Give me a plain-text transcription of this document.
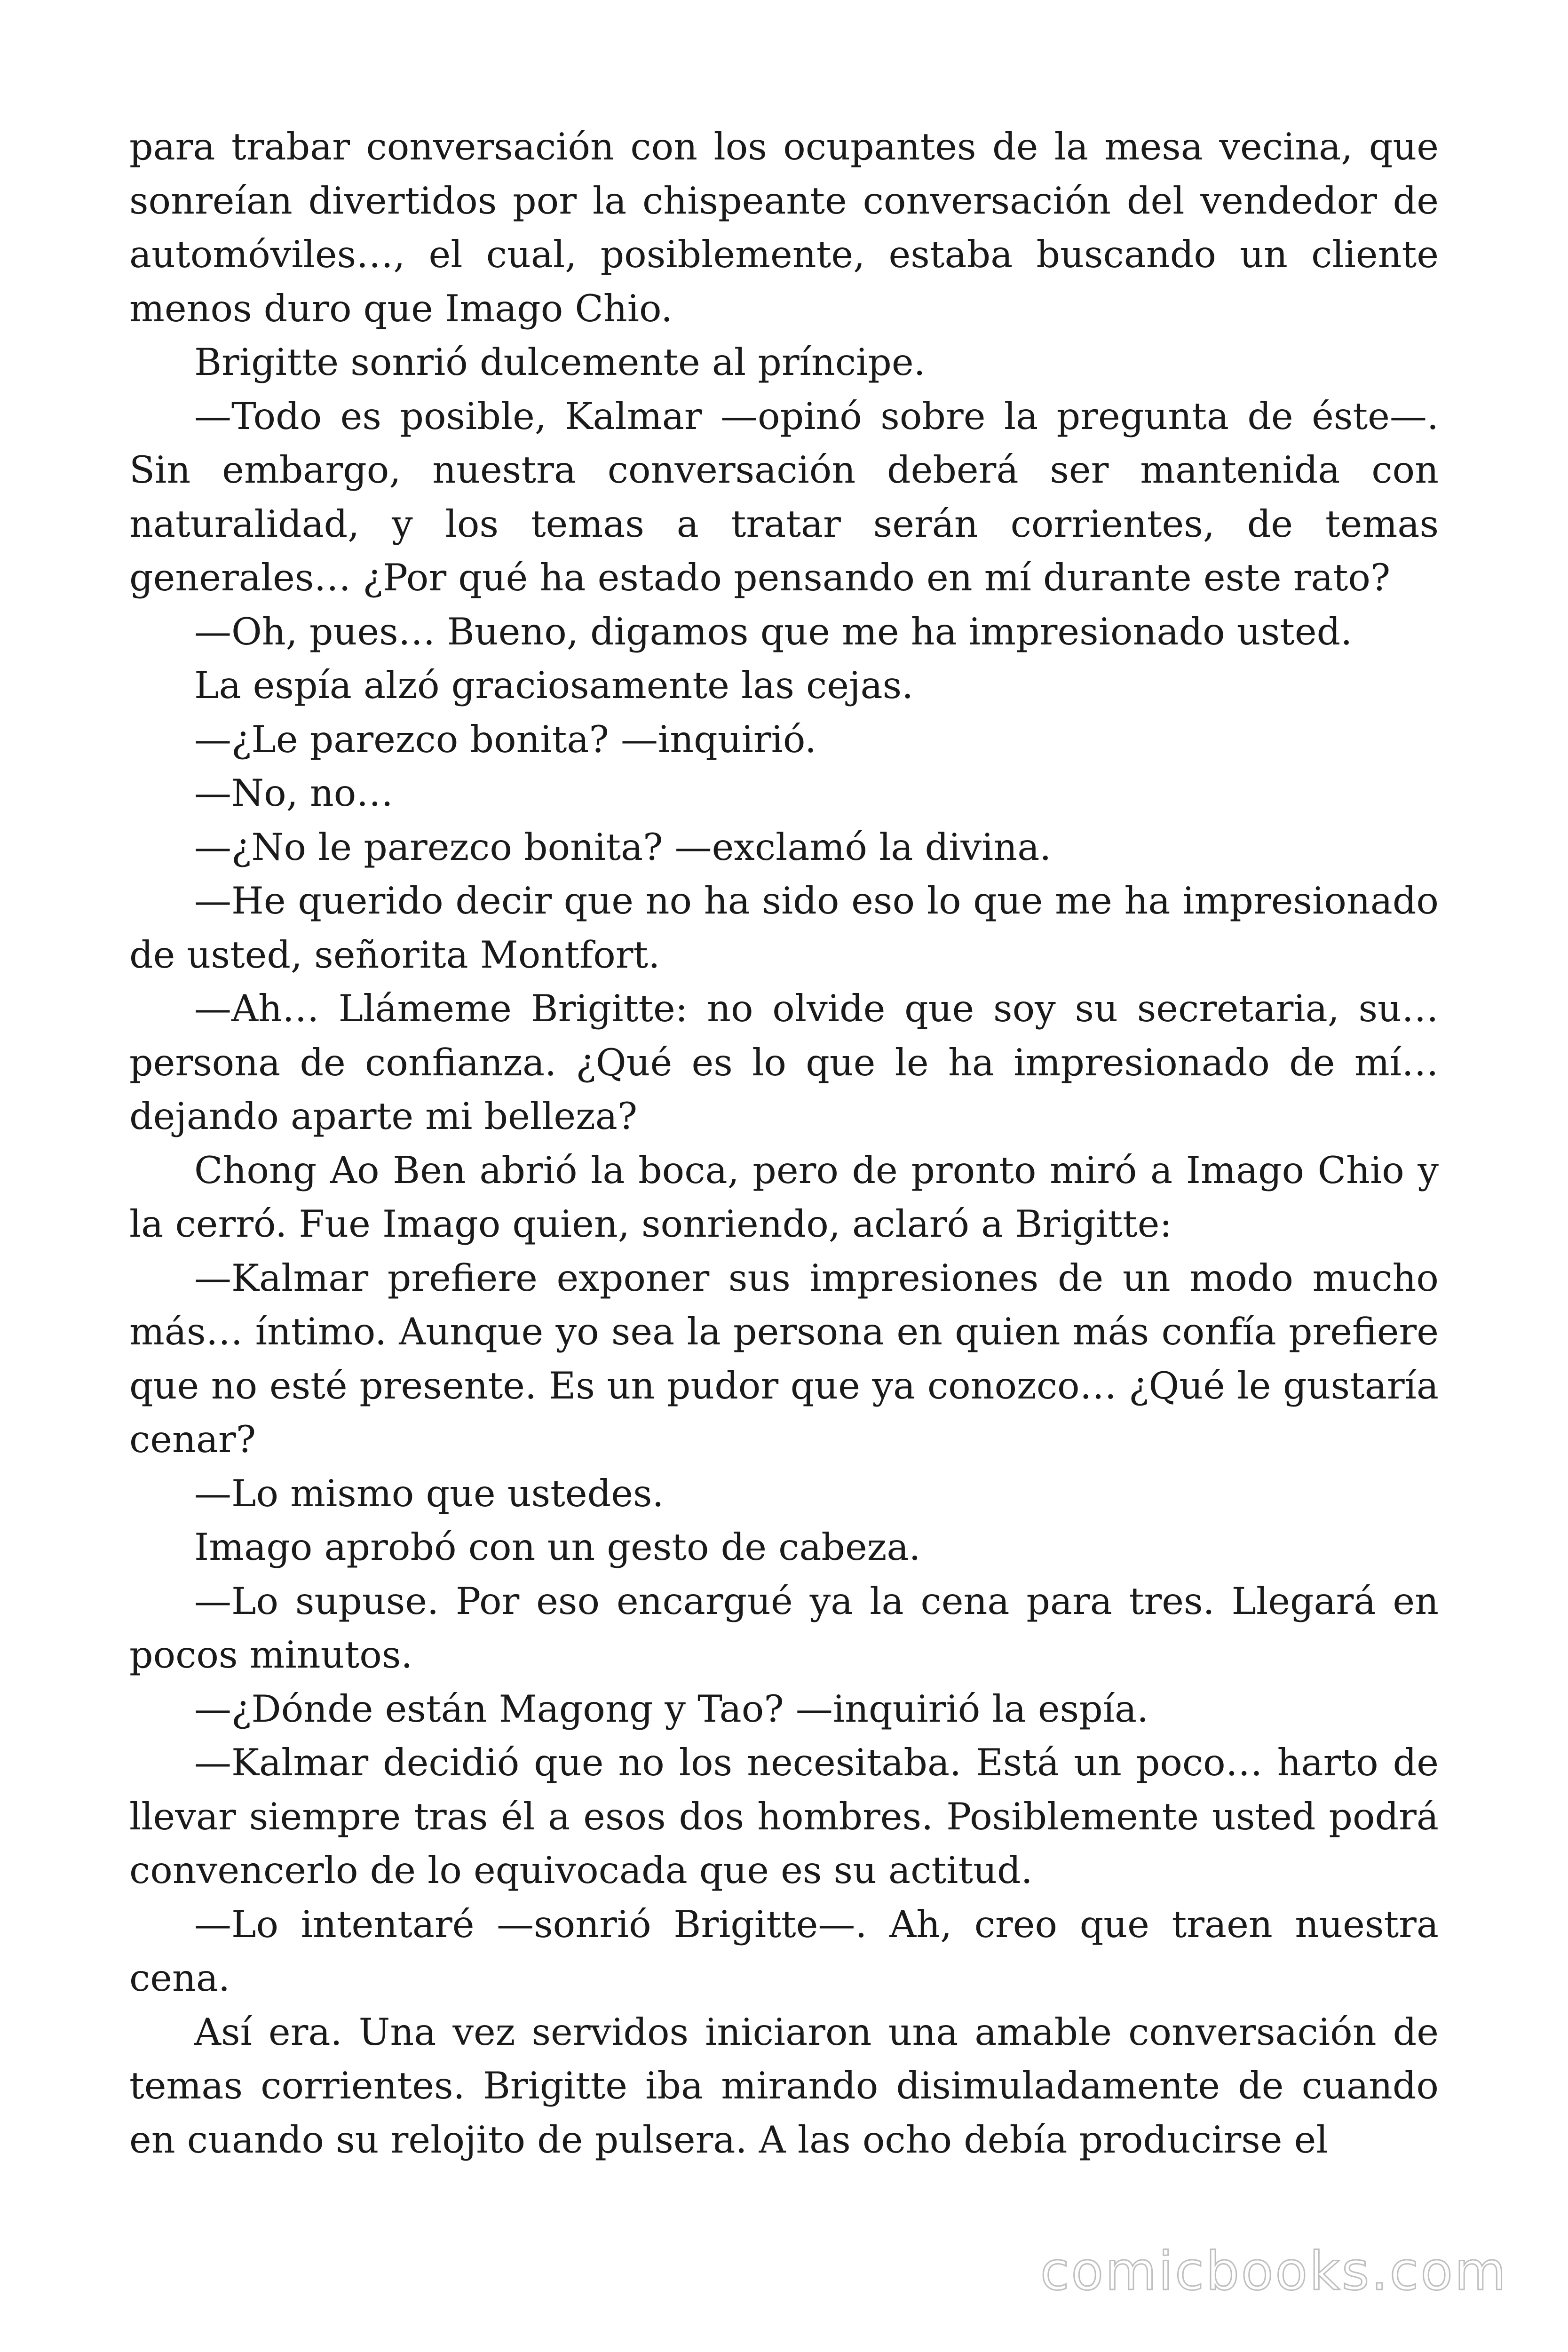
para trabar conversación con los ocupantes de la mesa vecina, que sonreían divertidos por la chispeante conversación del vendedor de automóviles…, el cual, posiblemente, estaba buscando un cliente menos duro que Imago Chio.

Brigitte sonrió dulcemente al príncipe.

—Todo es posible, Kalmar —opinó sobre la pregunta de éste—. Sin embargo, nuestra conversación deberá ser mantenida con naturalidad, y los temas a tratar serán corrientes, de temas generales… ¿Por qué ha estado pensando en mí durante este rato?

—Oh, pues… Bueno, digamos que me ha impresionado usted.

La espía alzó graciosamente las cejas.

—¿Le parezco bonita? —inquirió.

—No, no…

—¿No le parezco bonita? —exclamó la divina.

—He querido decir que no ha sido eso lo que me ha impresionado de usted, señorita Montfort.

—Ah… Llámeme Brigitte: no olvide que soy su secretaria, su… persona de confianza. ¿Qué es lo que le ha impresionado de mí… dejando aparte mi belleza?

Chong Ao Ben abrió la boca, pero de pronto miró a Imago Chio y la cerró. Fue Imago quien, sonriendo, aclaró a Brigitte:

—Kalmar prefiere exponer sus impresiones de un modo mucho más… íntimo. Aunque yo sea la persona en quien más confía prefiere que no esté presente. Es un pudor que ya conozco… ¿Qué le gustaría cenar?

—Lo mismo que ustedes.

Imago aprobó con un gesto de cabeza.

—Lo supuse. Por eso encargué ya la cena para tres. Llegará en pocos minutos.

—¿Dónde están Magong y Tao? —inquirió la espía.

—Kalmar decidió que no los necesitaba. Está un poco… harto de llevar siempre tras él a esos dos hombres. Posiblemente usted podrá convencerlo de lo equivocada que es su actitud.

—Lo intentaré —sonrió Brigitte—. Ah, creo que traen nuestra cena.

Así era. Una vez servidos iniciaron una amable conversación de temas corrientes. Brigitte iba mirando disimuladamente de cuando en cuando su relojito de pulsera. A las ocho debía producirse el

comicbooks.com
